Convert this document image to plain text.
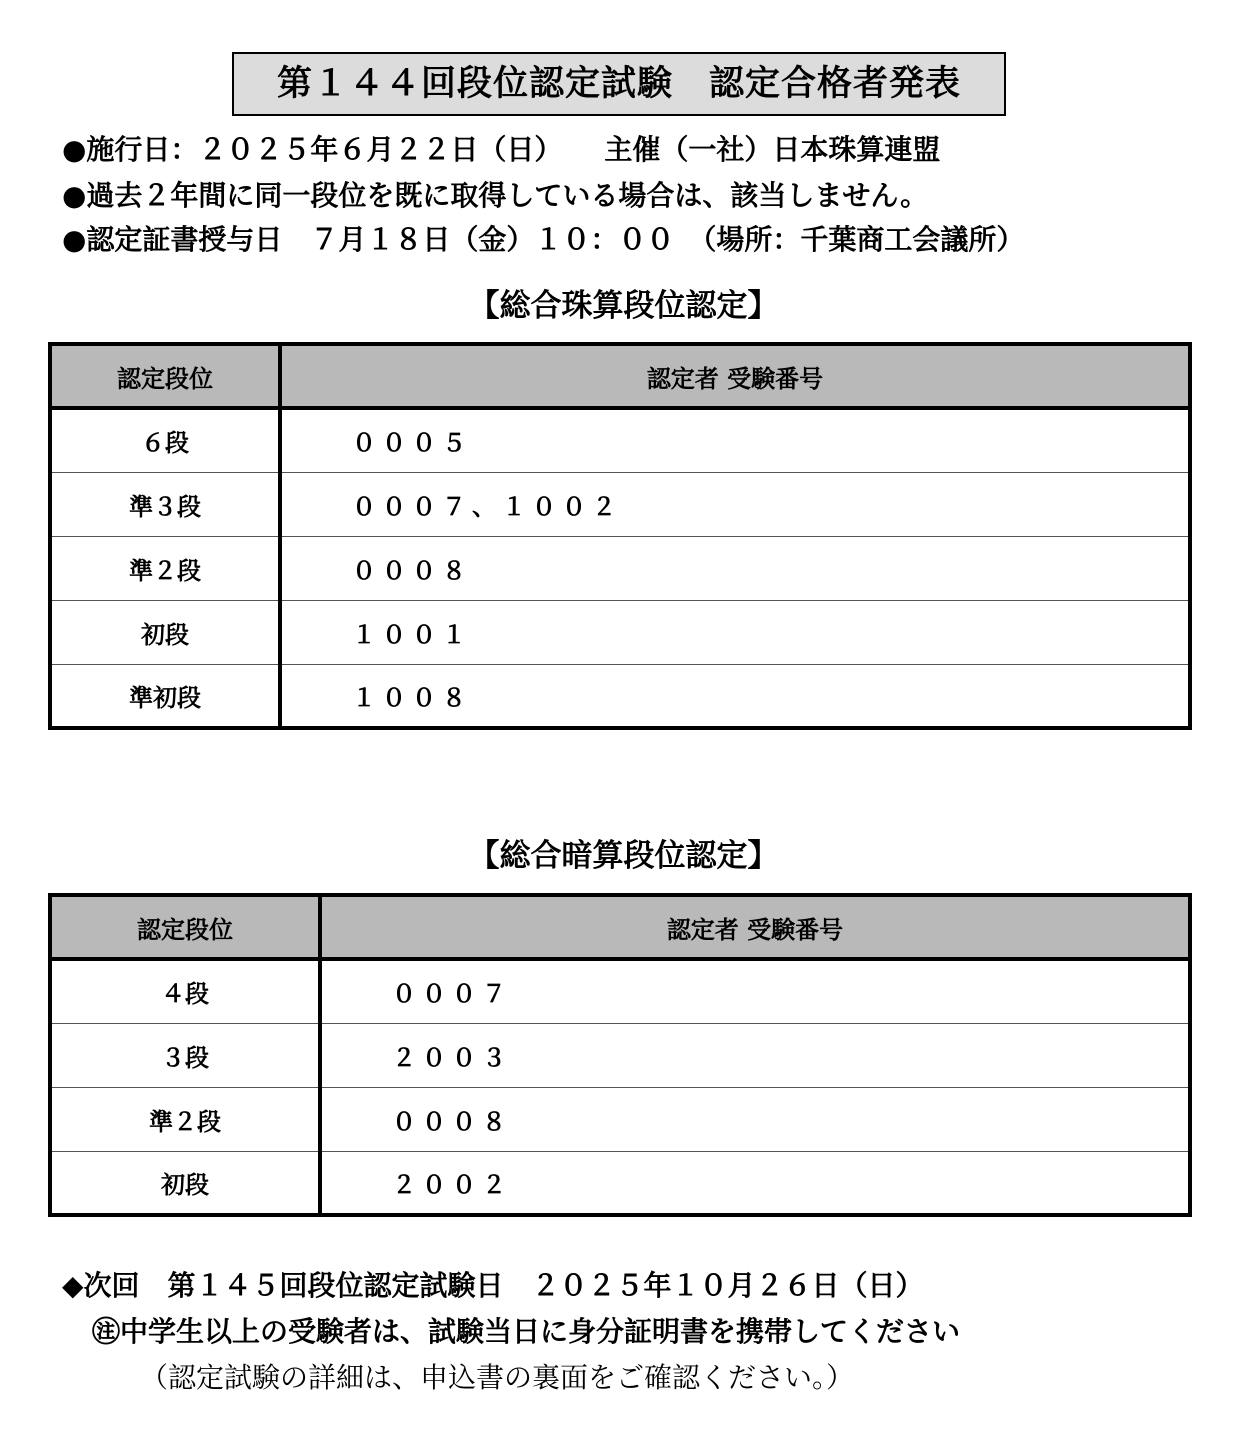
第１４４回段位認定試験　認定合格者発表
●施行日：２０２５年６月２２日（日）　　主催（一社）日本珠算連盟
●過去２年間に同一段位を既に取得している場合は、該当しません。
●認定証書授与日　７月１８日（金）１０：００　（場所：千葉商工会議所）
【総合珠算段位認定】
認定段位	認定者 受験番号
６段	０００５
準３段	０００７、１００２
準２段	０００８
初段	１００１
準初段	１００８
【総合暗算段位認定】
認定段位	認定者 受験番号
４段	０００７
３段	２００３
準２段	０００８
初段	２００２
◆次回　第１４５回段位認定試験日　２０２５年１０月２６日（日）
㊟中学生以上の受験者は、試験当日に身分証明書を携帯してください
（認定試験の詳細は、申込書の裏面をご確認ください。）
